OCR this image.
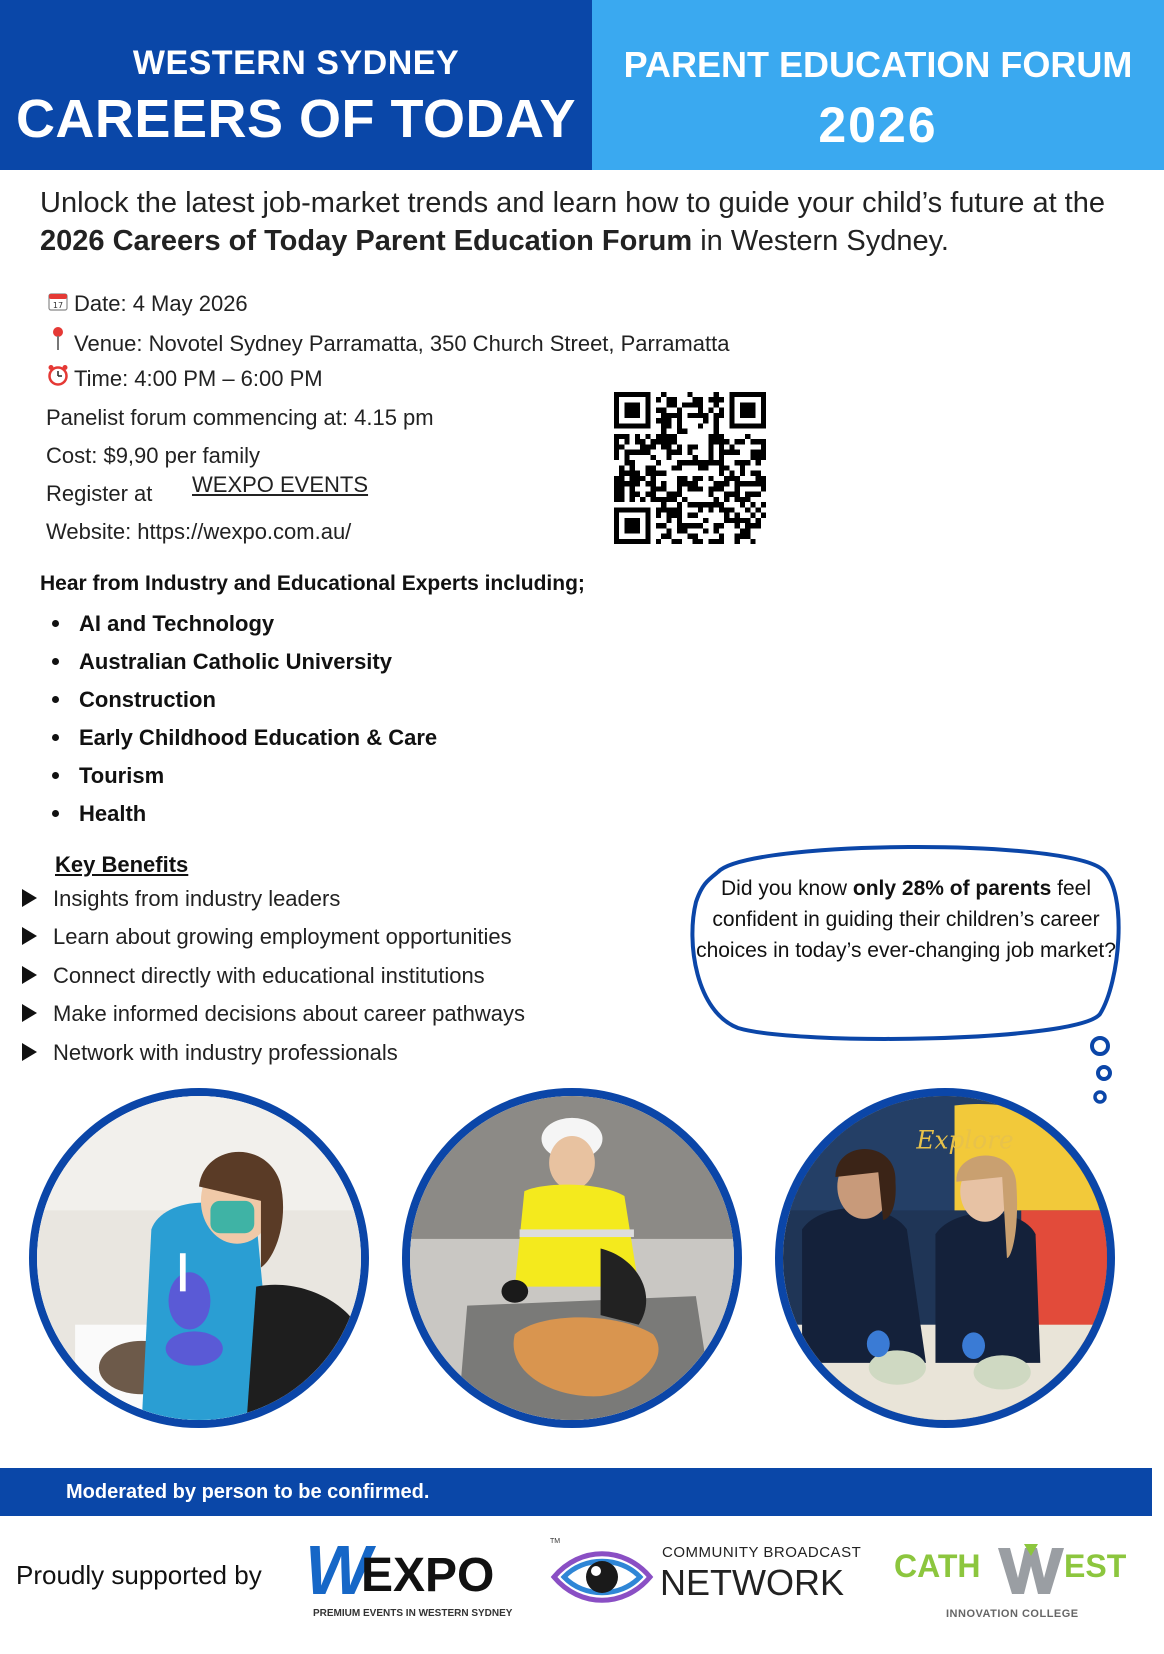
WESTERN SYDNEY
CAREERS OF TODAY
PARENT EDUCATION FORUM
2026
Unlock the latest job-market trends and learn how to guide your child’s future at the 2026 Careers of Today Parent Education Forum in Western Sydney.
17 Date: 4 May 2026
Venue: Novotel Sydney Parramatta, 350 Church Street, Parramatta
Time: 4:00 PM – 6:00 PM
Panelist forum commencing at: 4.15 pm
Cost: $9,90 per family
Register at WEXPO EVENTS
Website: https://wexpo.com.au/
Hear from Industry and Educational Experts including;
AI and Technology
Australian Catholic University
Construction
Early Childhood Education & Care
Tourism
Health
Key Benefits
Insights from industry leaders
Learn about growing employment opportunities
Connect directly with educational institutions
Make informed decisions about career pathways
Network with industry professionals
Did you know only 28% of parents feel confident in guiding their children’s career choices in today’s ever-changing job market?
Explore
Moderated by person to be confirmed.
Proudly supported by W
EXPO
PREMIUM EVENTS IN WESTERN SYDNEY
TM
COMMUNITY BROADCAST
NETWORK CATH	EST
INNOVATION COLLEGE
